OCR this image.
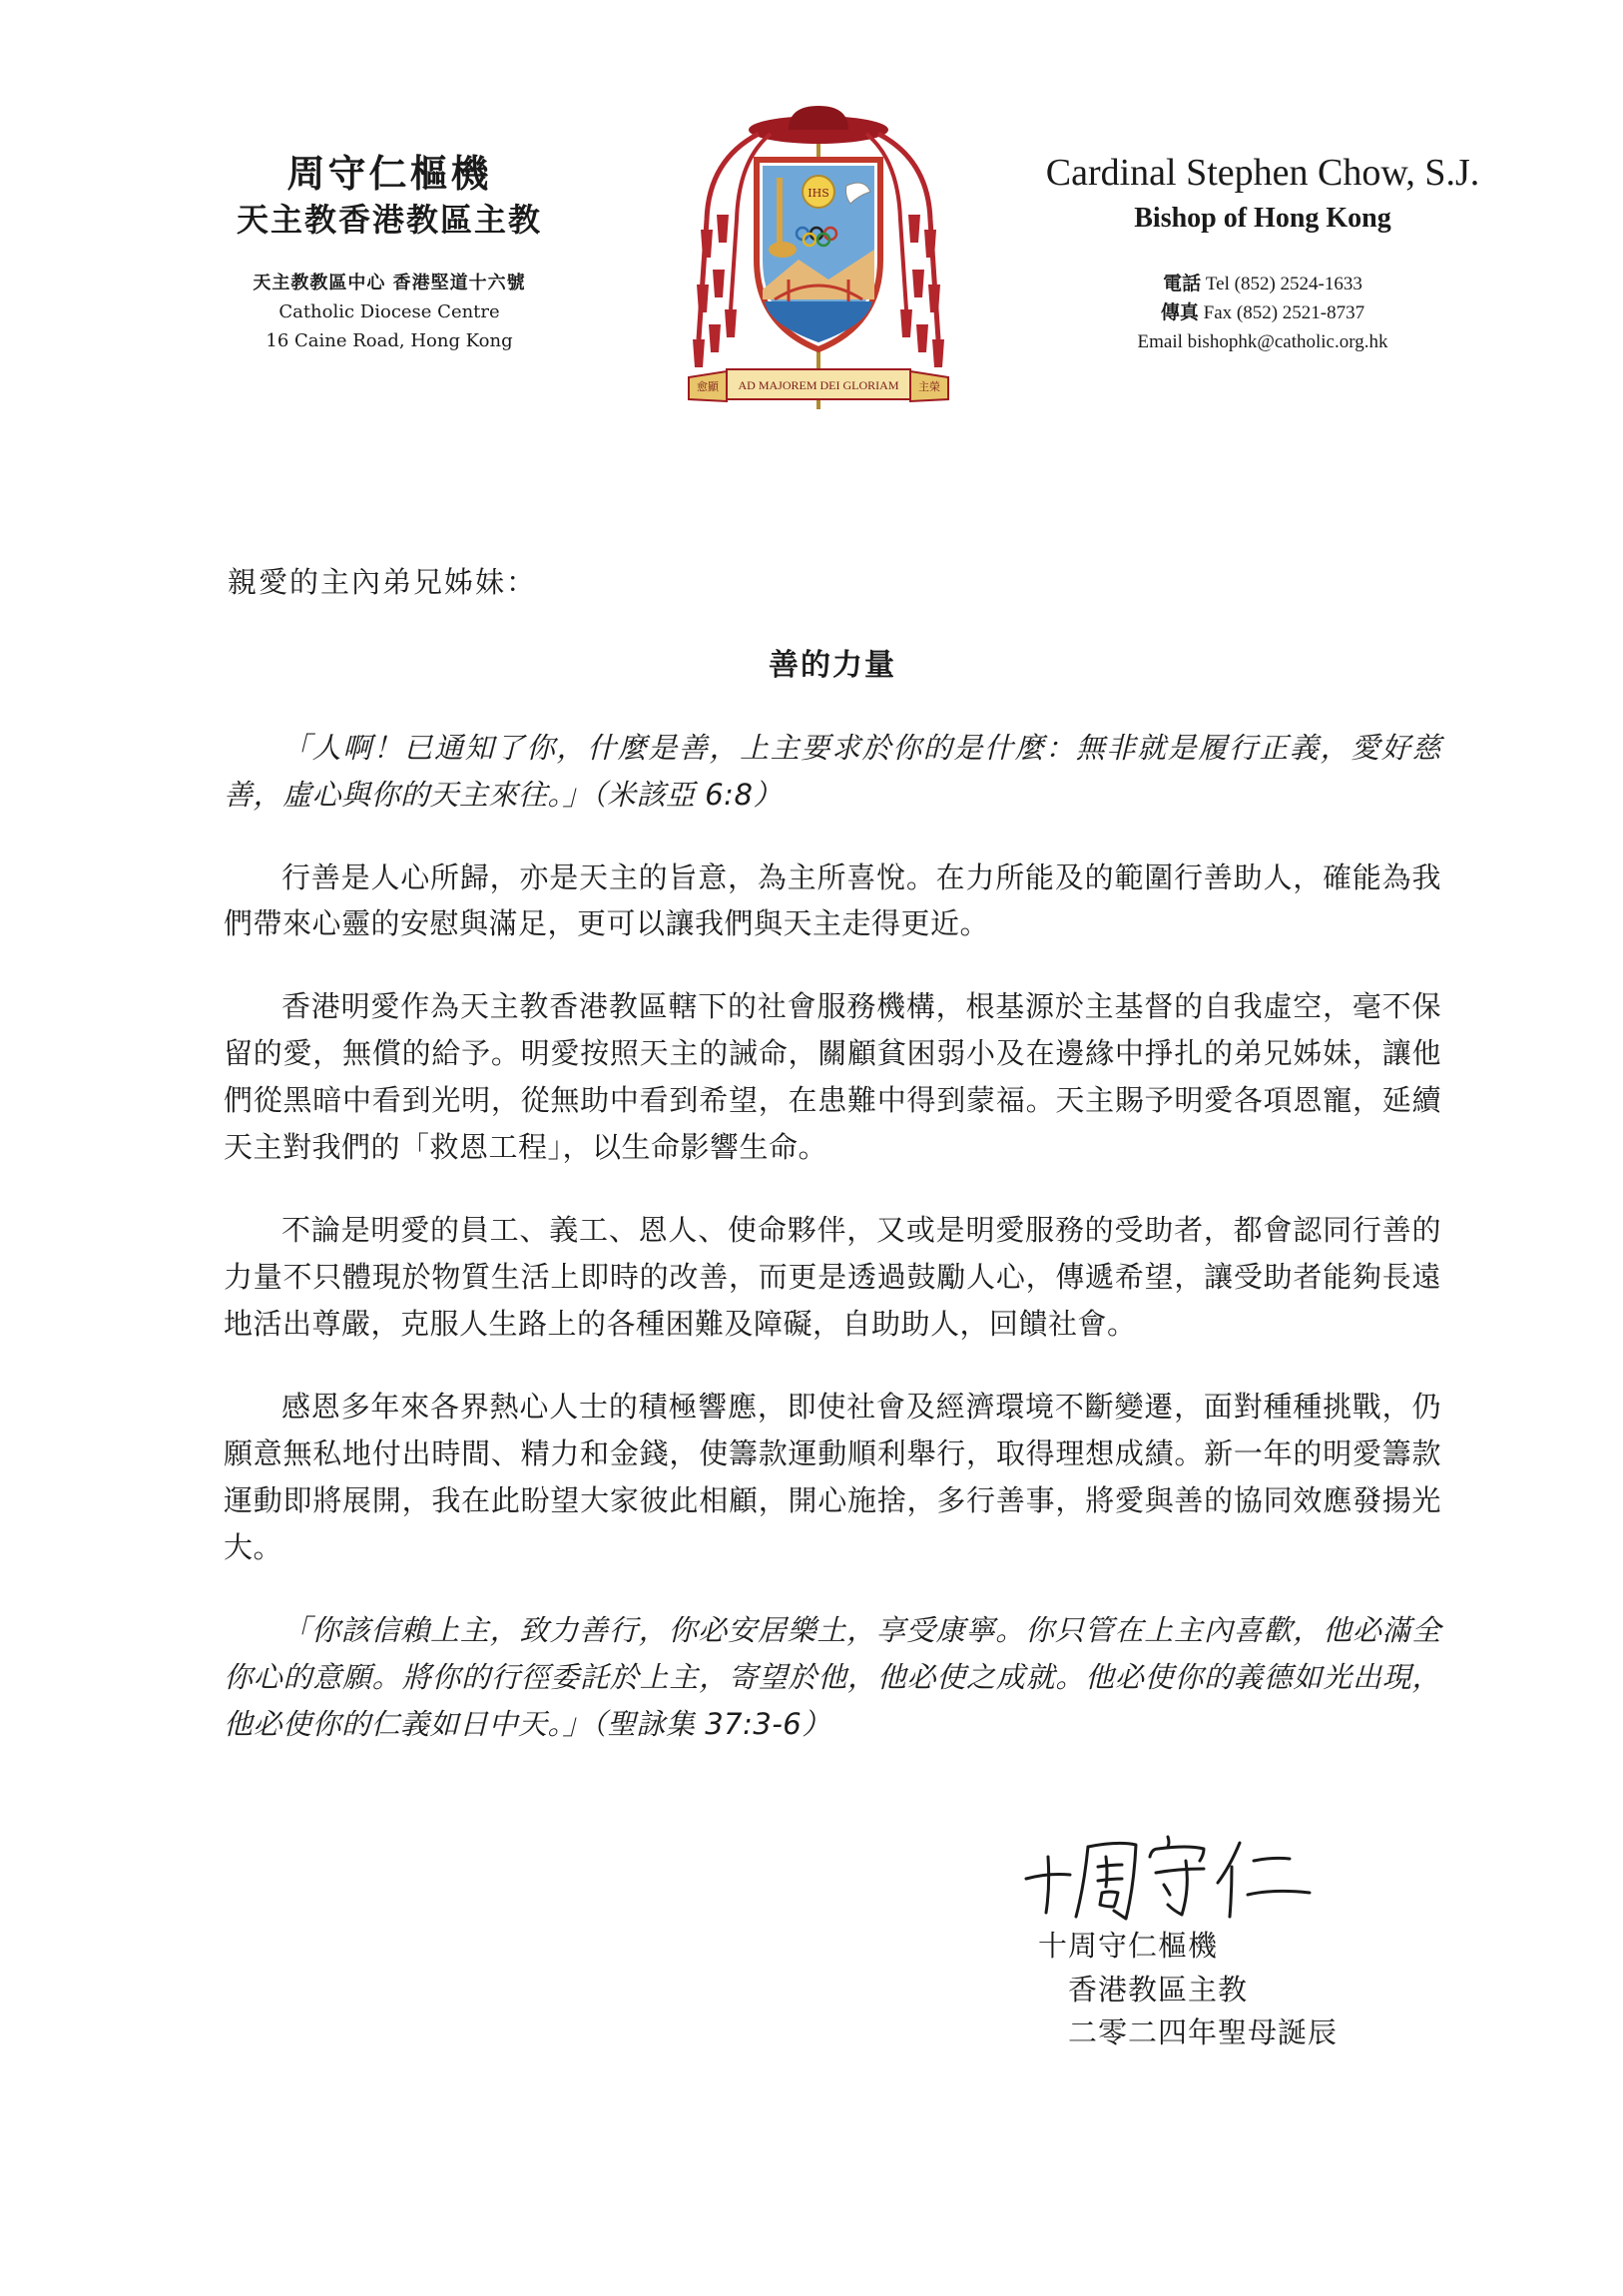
周守仁樞機
天主教香港教區主教
天主教教區中心 香港堅道十六號
Catholic Diocese Centre
16 Caine Road, Hong Kong
IHS
AD MAJOREM DEI GLORIAM
愈顯	主榮
Cardinal Stephen Chow, S.J.
Bishop of Hong Kong
電話 Tel (852) 2524-1633
傳真 Fax (852) 2521-8737
Email bishophk@catholic.org.hk

親愛的主內弟兄姊妹：

善的力量

「人啊！已通知了你，什麼是善，上主要求於你的是什麼：無非就是履行正義，愛好慈善，虛心與你的天主來往。」（米該亞 6:8）

行善是人心所歸，亦是天主的旨意，為主所喜悅。在力所能及的範圍行善助人，確能為我們帶來心靈的安慰與滿足，更可以讓我們與天主走得更近。

香港明愛作為天主教香港教區轄下的社會服務機構，根基源於主基督的自我虛空，毫不保留的愛，無償的給予。明愛按照天主的誡命，關顧貧困弱小及在邊緣中掙扎的弟兄姊妹，讓他們從黑暗中看到光明，從無助中看到希望，在患難中得到蒙福。天主賜予明愛各項恩寵，延續天主對我們的「救恩工程」，以生命影響生命。

不論是明愛的員工、義工、恩人、使命夥伴，又或是明愛服務的受助者，都會認同行善的力量不只體現於物質生活上即時的改善，而更是透過鼓勵人心，傳遞希望，讓受助者能夠長遠地活出尊嚴，克服人生路上的各種困難及障礙，自助助人，回饋社會。

感恩多年來各界熱心人士的積極響應，即使社會及經濟環境不斷變遷，面對種種挑戰，仍願意無私地付出時間、精力和金錢，使籌款運動順利舉行，取得理想成績。新一年的明愛籌款運動即將展開，我在此盼望大家彼此相顧，開心施捨，多行善事，將愛與善的協同效應發揚光大。

「你該信賴上主，致力善行，你必安居樂土，享受康寧。你只管在上主內喜歡，他必滿全你心的意願。將你的行徑委託於上主，寄望於他，他必使之成就。他必使你的義德如光出現，他必使你的仁義如日中天。」（聖詠集 37:3-6）

十周守仁
十周守仁樞機
香港教區主教
二零二四年聖母誕辰
